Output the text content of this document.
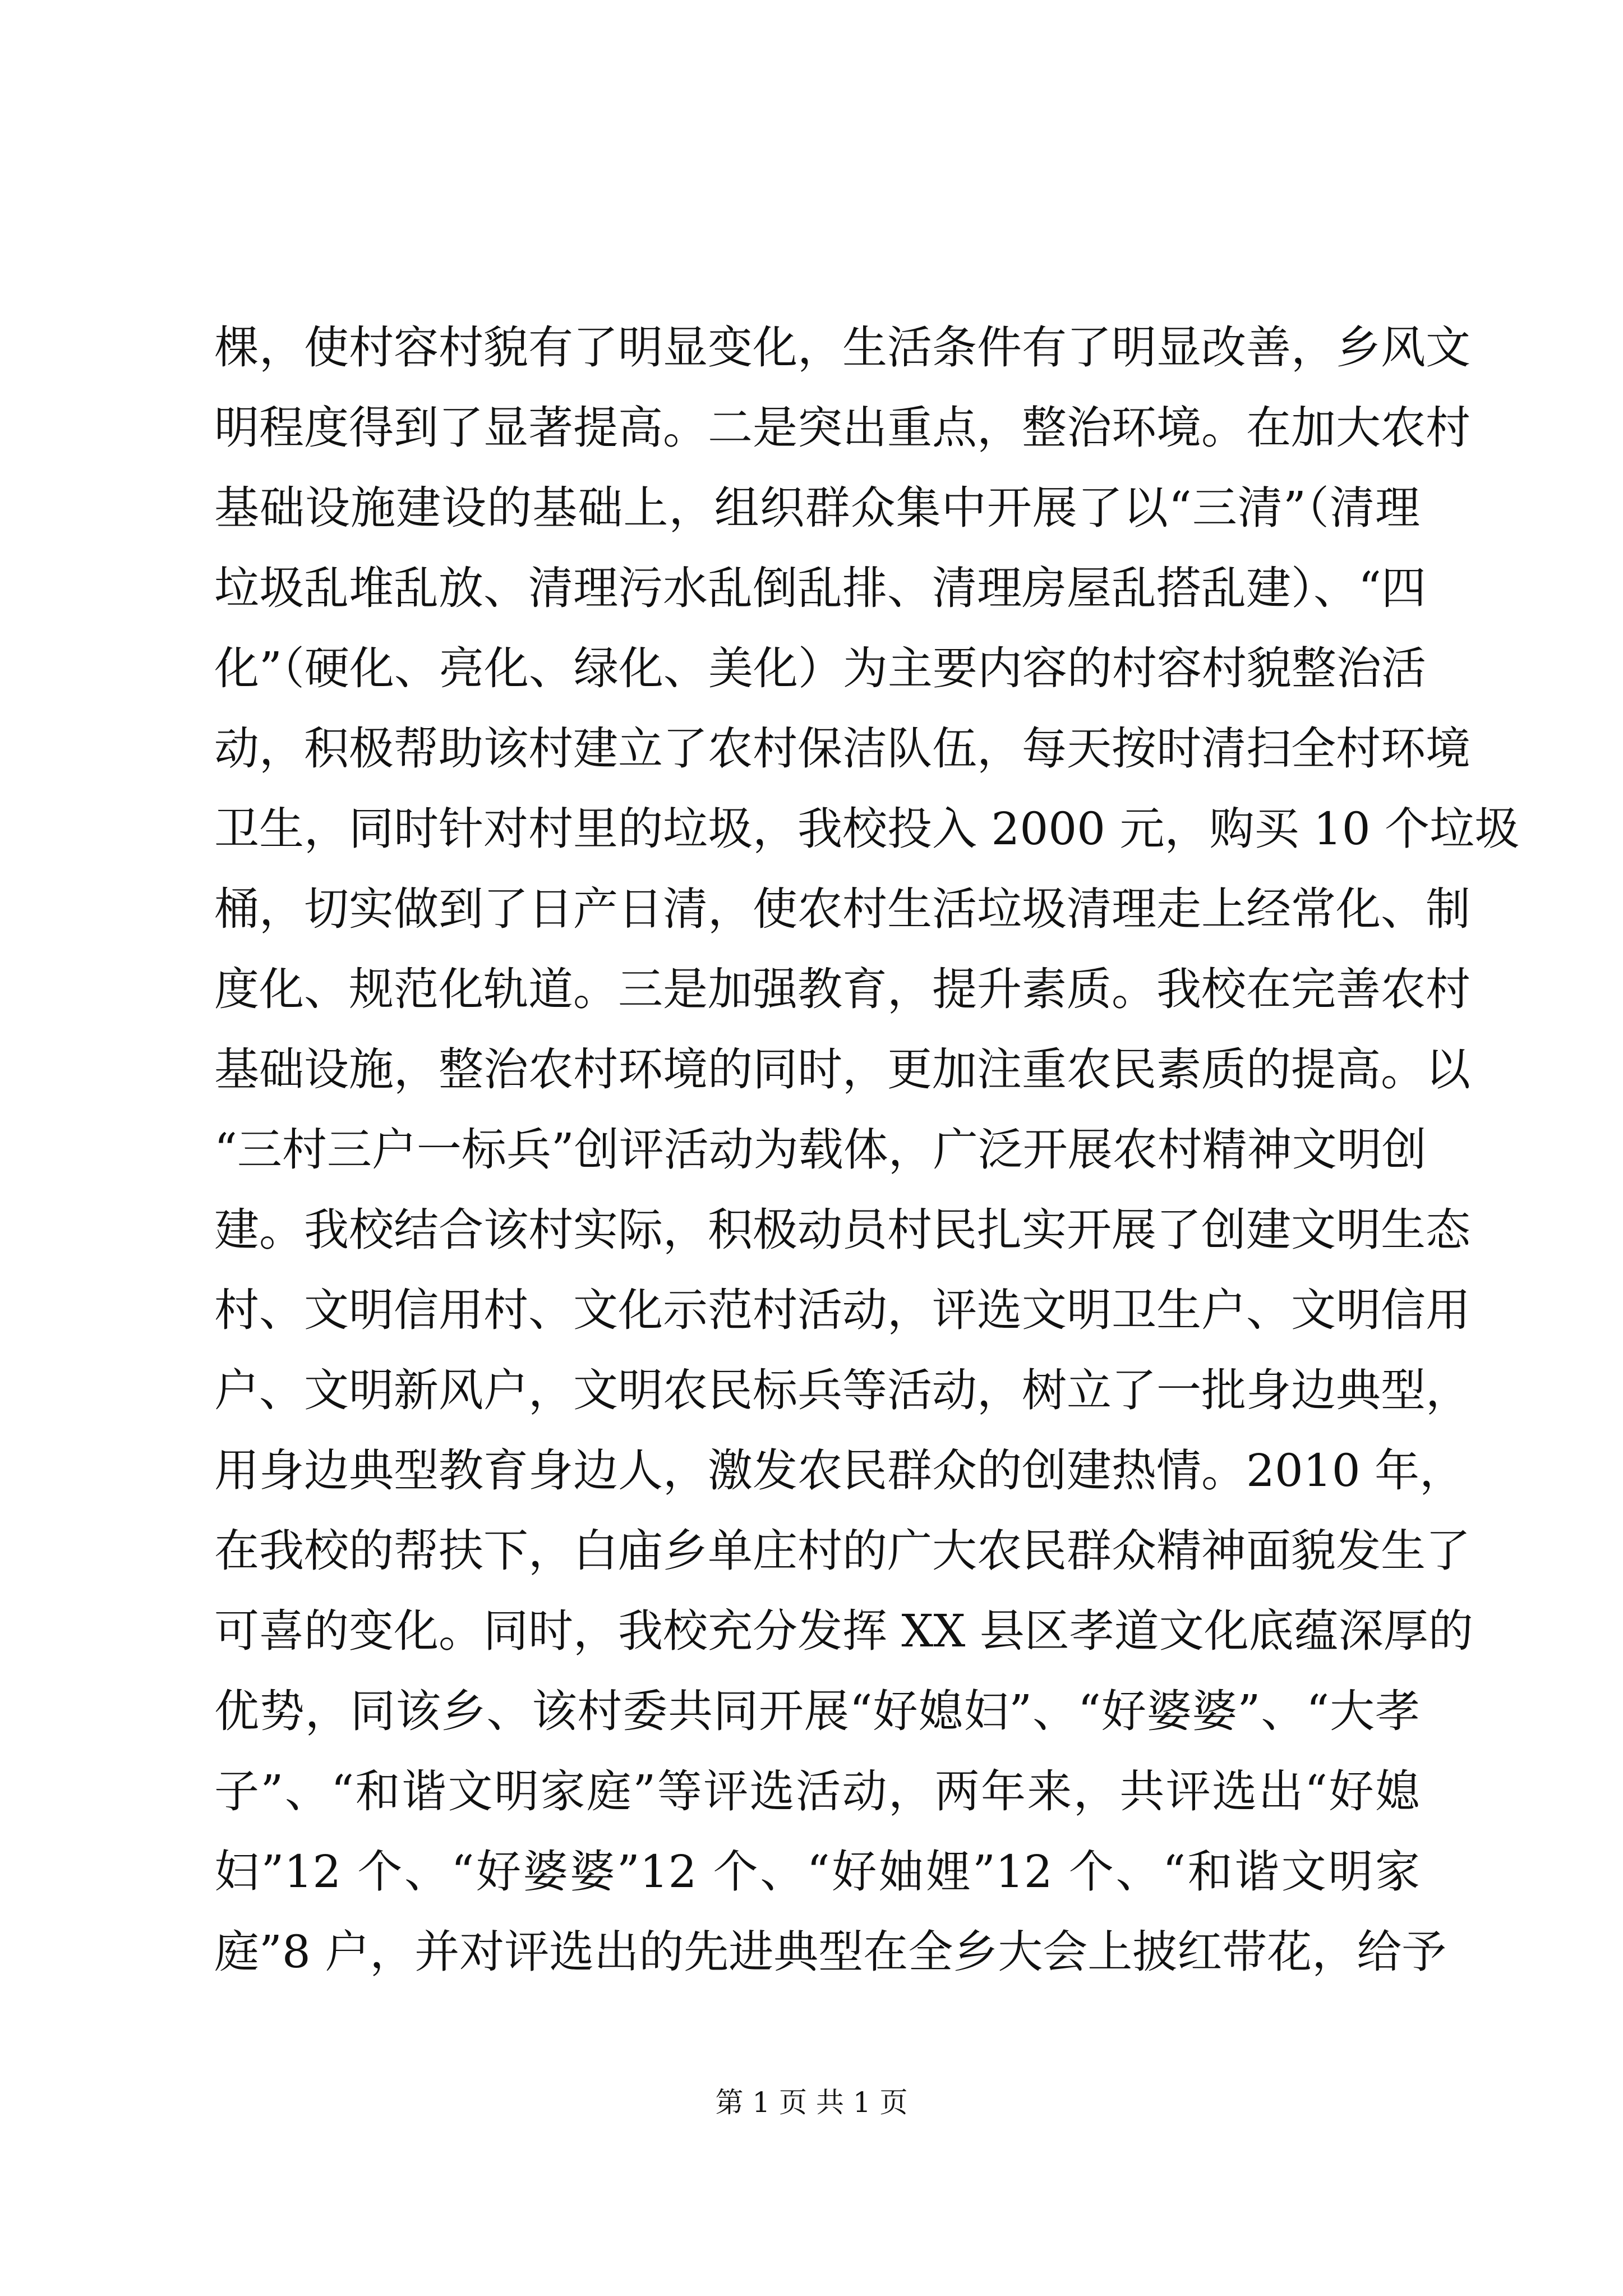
棵，使村容村貌有了明显变化，生活条件有了明显改善，乡风文
明程度得到了显著提高。二是突出重点，整治环境。在加大农村
基础设施建设的基础上，组织群众集中开展了以“三清”（清理
垃圾乱堆乱放、清理污水乱倒乱排、清理房屋乱搭乱建）、“四
化”（硬化、亮化、绿化、美化）为主要内容的村容村貌整治活
动，积极帮助该村建立了农村保洁队伍，每天按时清扫全村环境
卫生，同时针对村里的垃圾，我校投入 2000 元，购买 10 个垃圾
桶，切实做到了日产日清，使农村生活垃圾清理走上经常化、制
度化、规范化轨道。三是加强教育，提升素质。我校在完善农村
基础设施，整治农村环境的同时，更加注重农民素质的提高。以
“三村三户一标兵”创评活动为载体，广泛开展农村精神文明创
建。我校结合该村实际，积极动员村民扎实开展了创建文明生态
村、文明信用村、文化示范村活动，评选文明卫生户、文明信用
户、文明新风户，文明农民标兵等活动，树立了一批身边典型，
用身边典型教育身边人，激发农民群众的创建热情。2010 年，
在我校的帮扶下，白庙乡单庄村的广大农民群众精神面貌发生了
可喜的变化。同时，我校充分发挥 XX 县区孝道文化底蕴深厚的
优势，同该乡、该村委共同开展“好媳妇”、“好婆婆”、“大孝
子”、“和谐文明家庭”等评选活动，两年来，共评选出“好媳
妇”12 个、“好婆婆”12 个、“好妯娌”12 个、“和谐文明家
庭”8 户，并对评选出的先进典型在全乡大会上披红带花，给予
第 1 页 共 1 页
